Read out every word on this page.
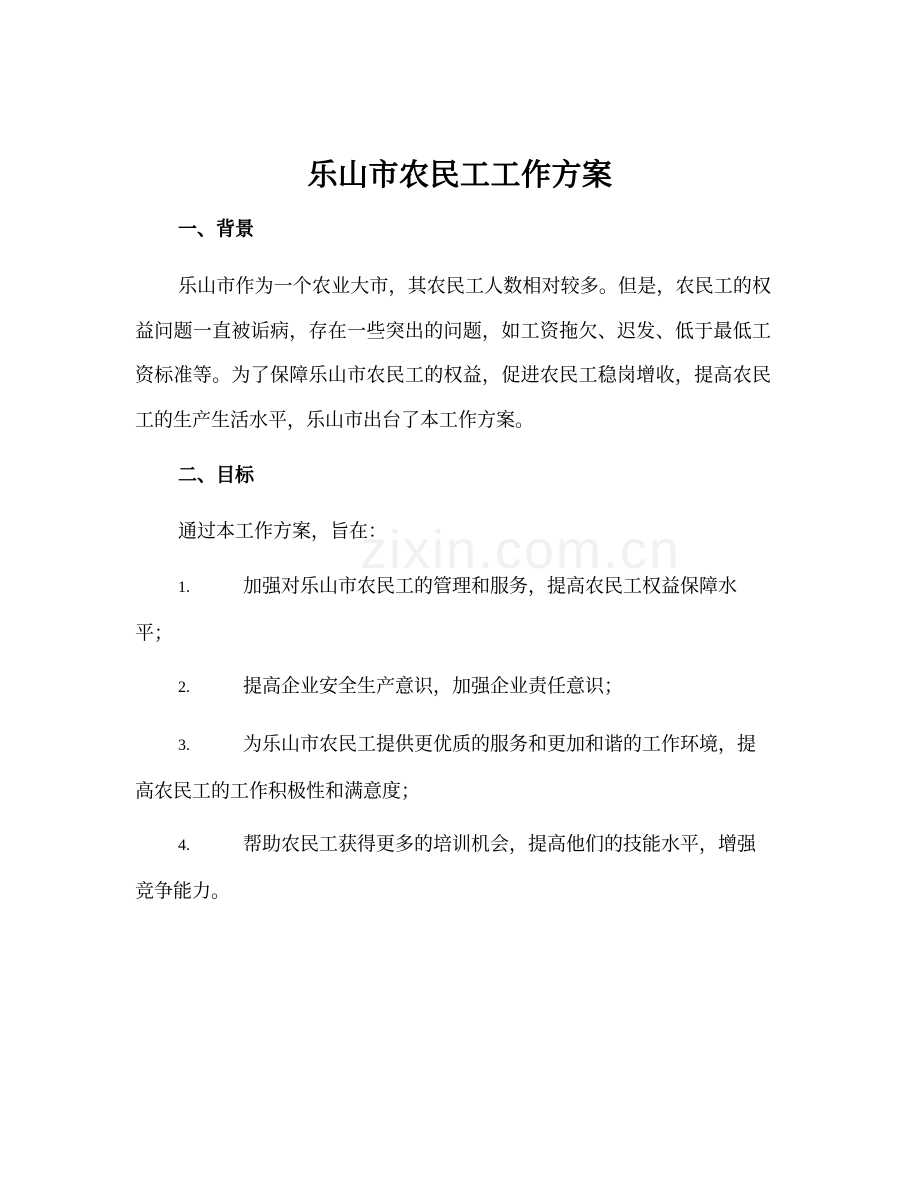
zixin.com.cn
乐山市农民工工作方案
一、背景

乐山市作为一个农业大市，其农民工人数相对较多。但是，农民工的权益问题一直被诟病，存在一些突出的问题，如工资拖欠、迟发、低于最低工资标准等。为了保障乐山市农民工的权益，促进农民工稳岗增收，提高农民工的生产生活水平，乐山市出台了本工作方案。

二、目标
通过本工作方案，旨在：

1.	加强对乐山市农民工的管理和服务，提高农民工权益保障水平；

2.	提高企业安全生产意识，加强企业责任意识；

3.	为乐山市农民工提供更优质的服务和更加和谐的工作环境，提高农民工的工作积极性和满意度；

4.	帮助农民工获得更多的培训机会，提高他们的技能水平，增强竞争能力。
